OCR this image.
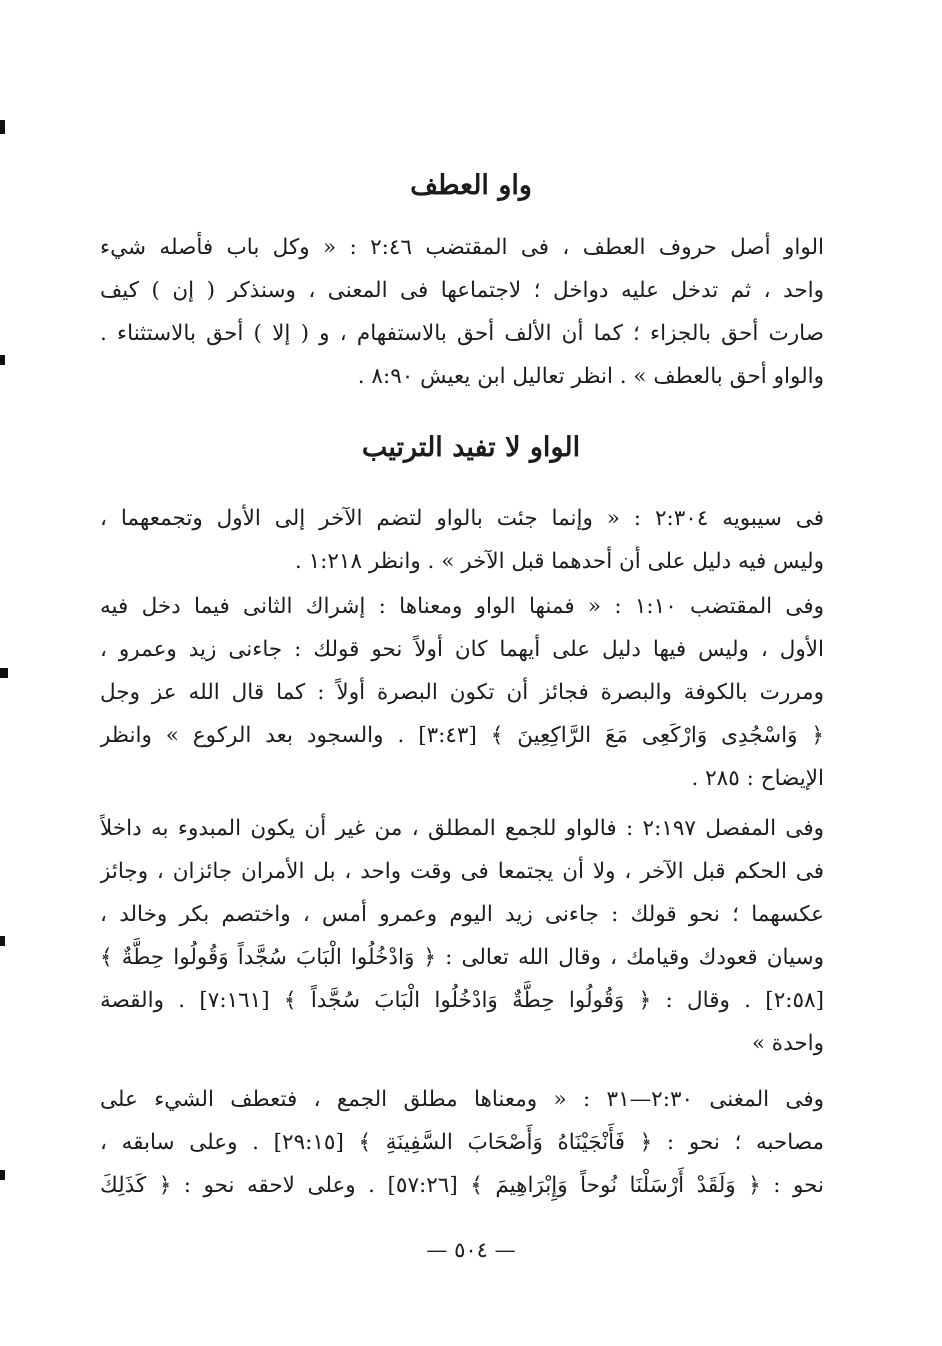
واو العطف
الواو أصل حروف العطف ، فى المقتضب ٢:٤٦ : « وكل باب فأصله شيء
واحد ، ثم تدخل عليه دواخل ؛ لاجتماعها فى المعنى ، وسنذكر ( إن ) كيف
صارت أحق بالجزاء ؛ كما أن الألف أحق بالاستفهام ، و ( إلا ) أحق بالاستثناء .
والواو أحق بالعطف » . انظر تعاليل ابن يعيش ٨:٩٠ .
الواو لا تفيد الترتيب
فى سيبويه ٢:٣٠٤ : « وإنما جئت بالواو لتضم الآخر إلى الأول وتجمعهما ،
وليس فيه دليل على أن أحدهما قبل الآخر » . وانظر ١:٢١٨ .
وفى المقتضب ١:١٠ : « فمنها الواو ومعناها : إشراك الثانى فيما دخل فيه
الأول ، وليس فيها دليل على أيهما كان أولاً نحو قولك : جاءنى زيد وعمرو ،
ومررت بالكوفة والبصرة فجائز أن تكون البصرة أولاً : كما قال الله عز وجل
﴿ وَاسْجُدِى وَارْكَعِى مَعَ الرَّاكِعِينَ ﴾ [٣:٤٣] . والسجود بعد الركوع » وانظر
الإيضاح : ٢٨٥ .
وفى المفصل ٢:١٩٧ : فالواو للجمع المطلق ، من غير أن يكون المبدوء به داخلاً
فى الحكم قبل الآخر ، ولا أن يجتمعا فى وقت واحد ، بل الأمران جائزان ، وجائز
عكسهما ؛ نحو قولك : جاءنى زيد اليوم وعمرو أمس ، واختصم بكر وخالد ،
وسيان قعودك وقيامك ، وقال الله تعالى : ﴿ وَادْخُلُوا الْبَابَ سُجَّداً وَقُولُوا حِطَّةٌ ﴾
[٢:٥٨] . وقال : ﴿ وَقُولُوا حِطَّةٌ وَادْخُلُوا الْبَابَ سُجَّداً ﴾ [٧:١٦١] . والقصة
واحدة »
وفى المغنى ٢:٣٠—٣١ : « ومعناها مطلق الجمع ، فتعطف الشيء على
مصاحبه ؛ نحو : ﴿ فَأَنْجَيْنَاهُ وَأَصْحَابَ السَّفِينَةِ ﴾ [٢٩:١٥] . وعلى سابقه ،
نحو : ﴿ وَلَقَدْ أَرْسَلْنَا نُوحاً وَإِبْرَاهِيمَ ﴾ [٥٧:٢٦] . وعلى لاحقه نحو : ﴿ كَذَلِكَ
— ٥٠٤ —
